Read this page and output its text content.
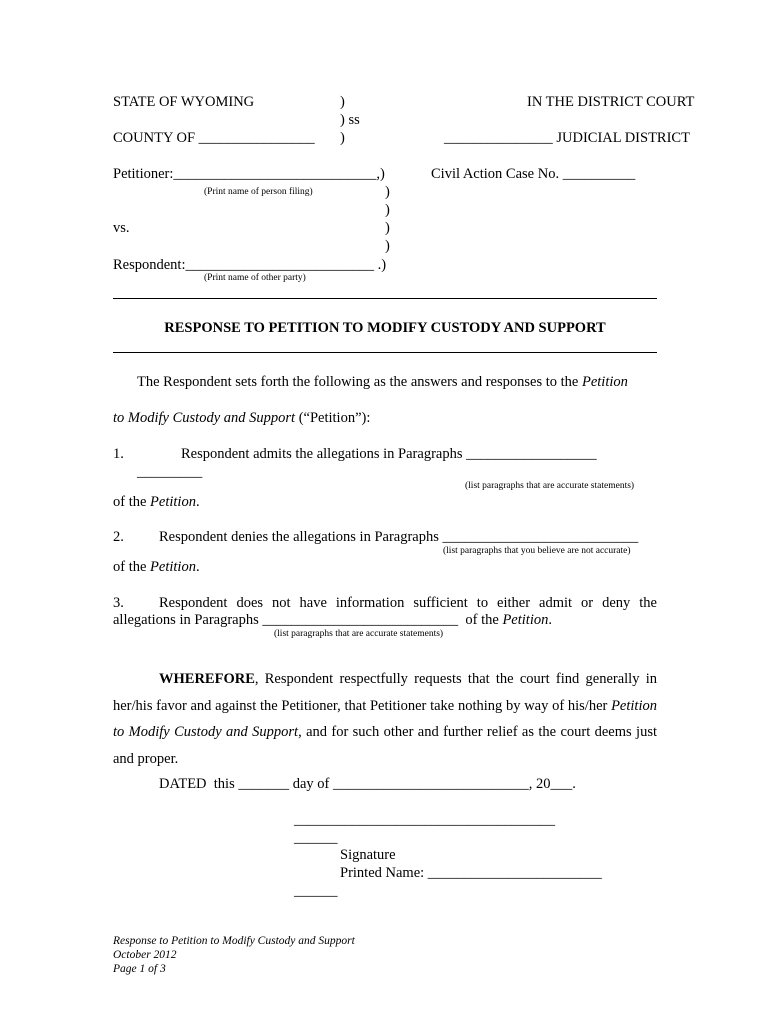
STATE OF WYOMING	)
) ss
IN THE DISTRICT COURT
COUNTY OF ________________ )	_______________ JUDICIAL DISTRICT
Petitioner:____________________________,)
(Print name of person filing)
Civil Action Case No. __________
)
)
vs.	)
)
Respondent:__________________________ .)
(Print name of other party)
RESPONSE TO PETITION TO MODIFY CUSTODY AND SUPPORT
The Respondent sets forth the following as the answers and responses to the Petition
to Modify Custody and Support (“Petition”):
1.	Respondent admits the allegations in Paragraphs __________________
_________
(list paragraphs that are accurate statements)
of the Petition.
2. Respondent denies the allegations in Paragraphs ___________________________
(list paragraphs that you believe are not accurate)
of the Petition.
3. Respondent does not have information sufficient to either admit or deny the
allegations in Paragraphs ___________________________  of the Petition.
(list paragraphs that are accurate statements)
WHEREFORE, Respondent respectfully requests that the court find generally in her/his favor and against the Petitioner, that Petitioner take nothing by way of his/her Petition to Modify Custody and Support, and for such other and further relief as the court deems just and proper.
DATED  this _______ day of ___________________________, 20___.
____________________________________
______
Signature
Printed Name: ________________________
______
Response to Petition to Modify Custody and Support
October 2012
Page 1 of 3
